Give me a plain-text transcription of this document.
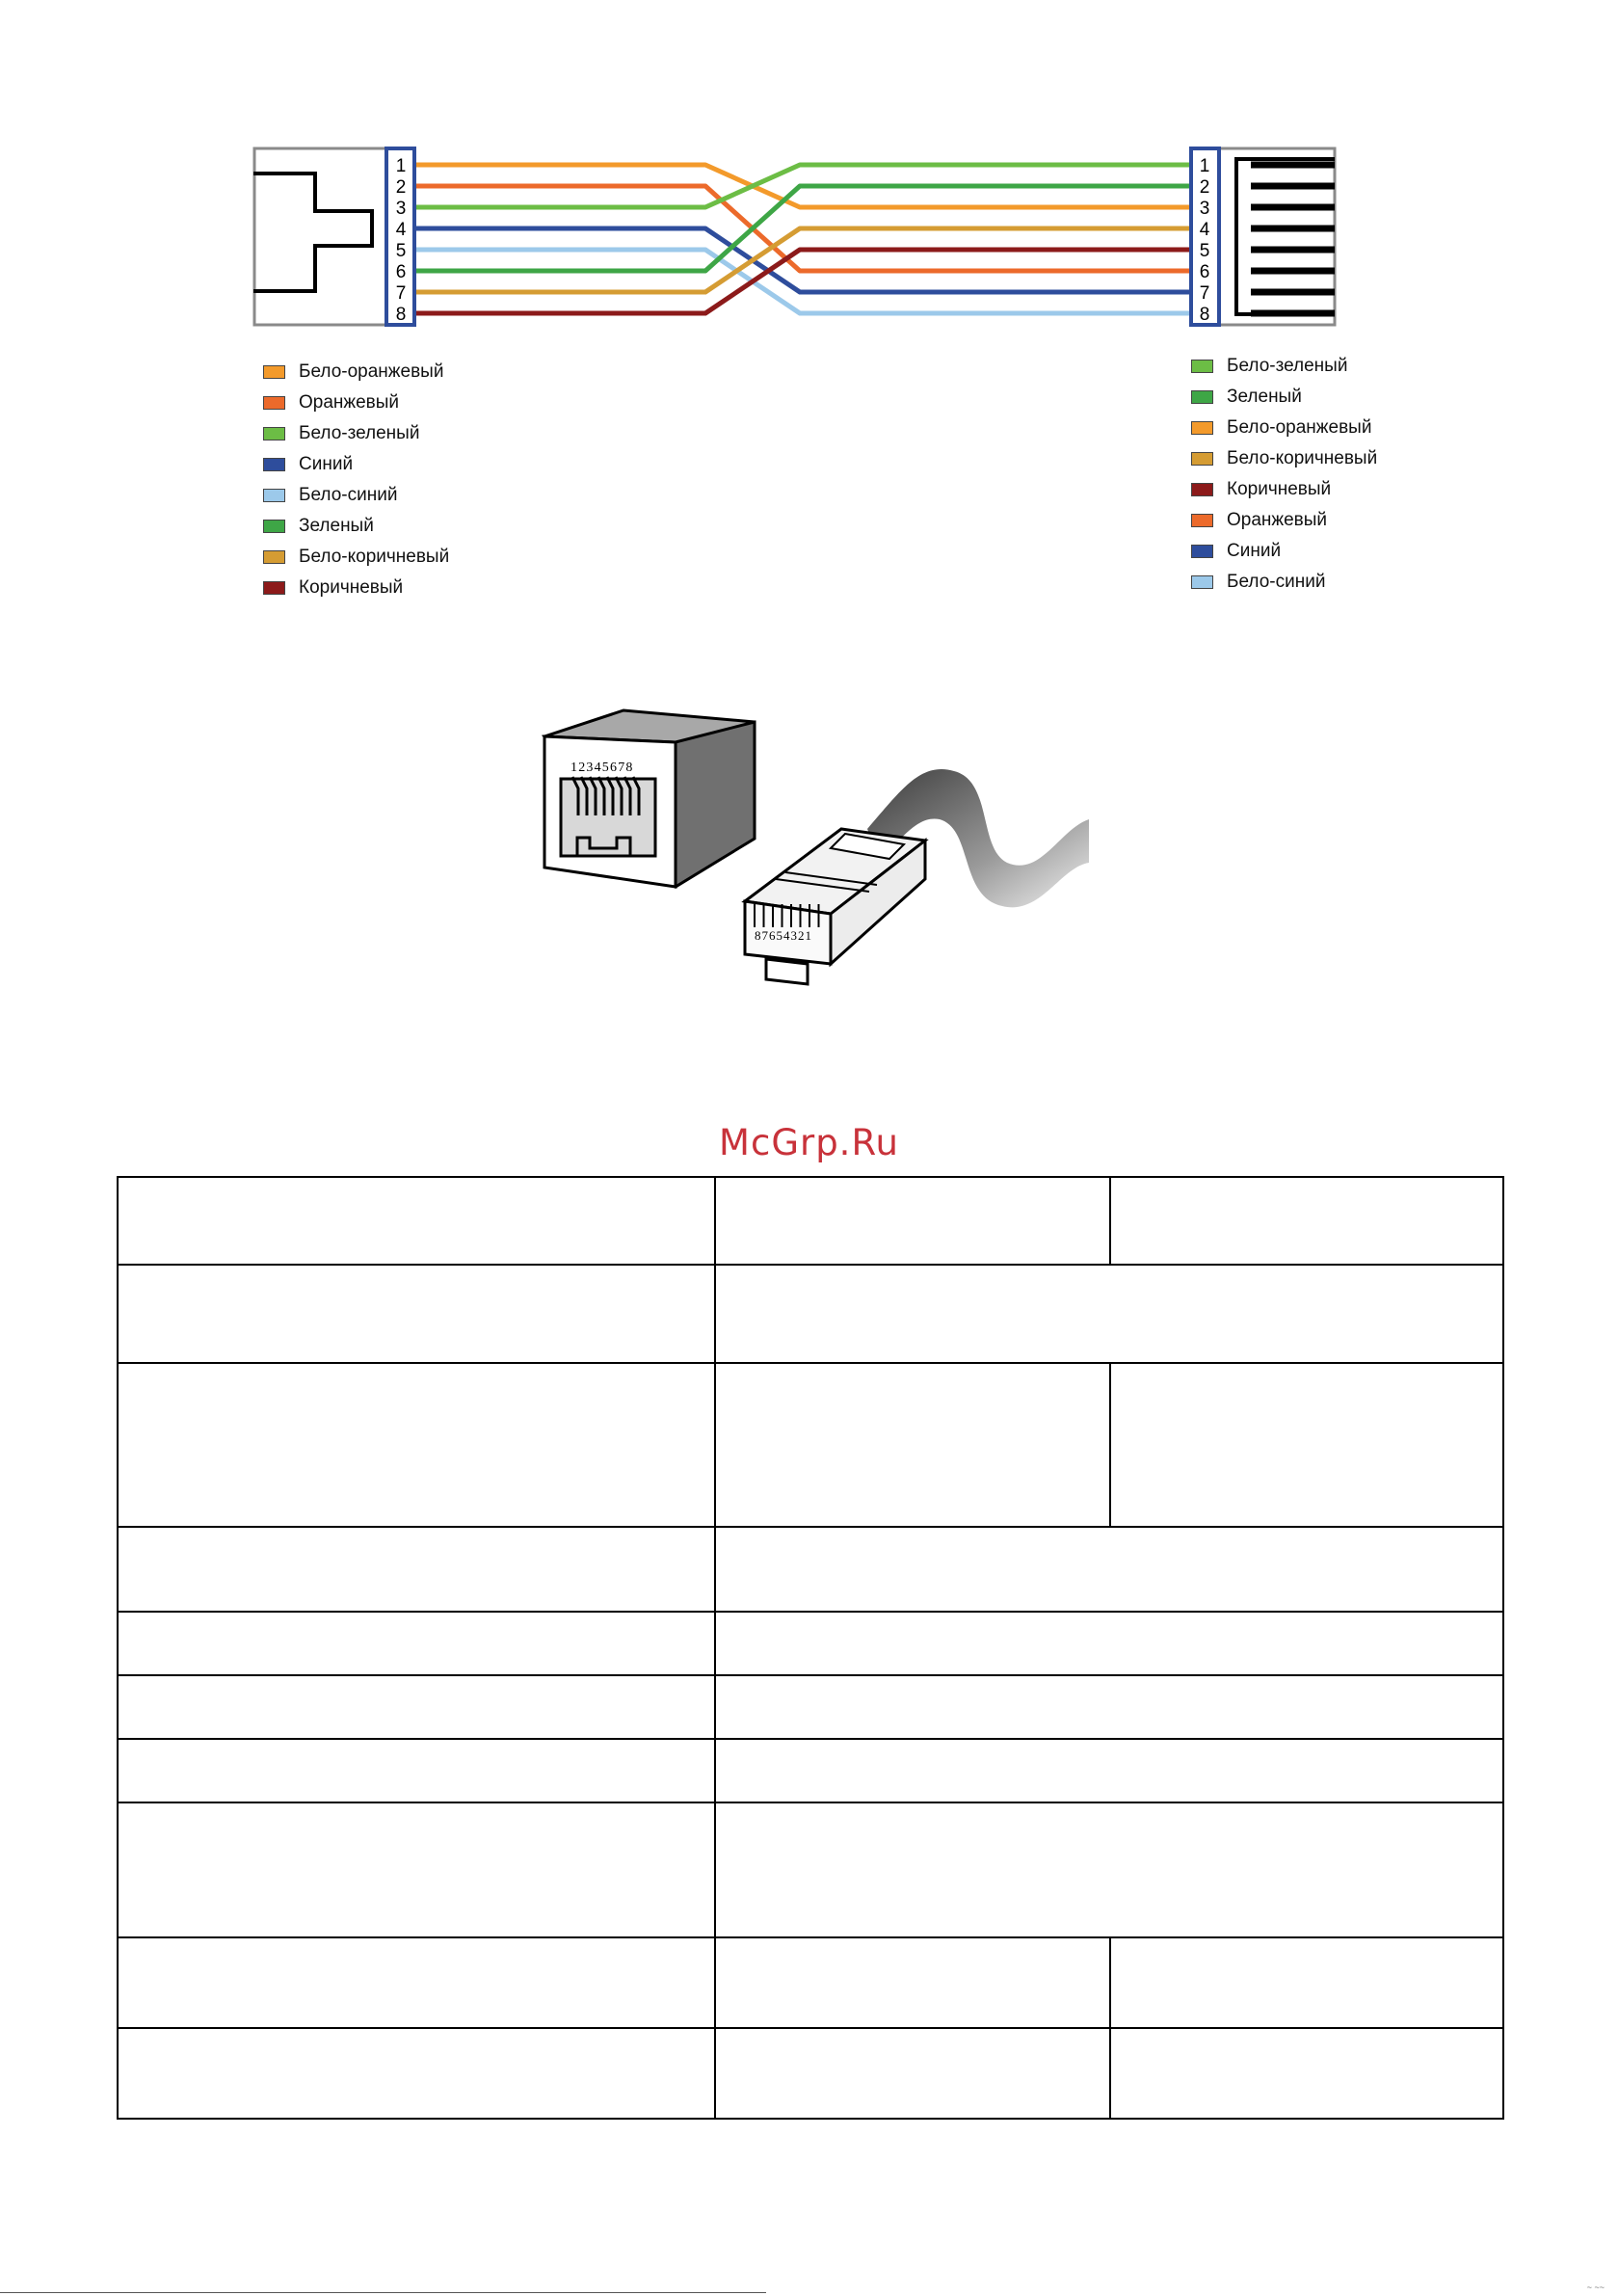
1
2
3
4
5
6
7
8
1
2
3
4
5
6
7
8
12345678
87654321
Бело-оранжевый
Оранжевый
Бело-зеленый
Синий
Бело-синий
Зеленый
Бело-коричневый
Коричневый
Бело-зеленый
Зеленый
Бело-оранжевый
Бело-коричневый
Коричневый
Оранжевый
Синий
Бело-синий
McGrp.Ru

~ ~~
